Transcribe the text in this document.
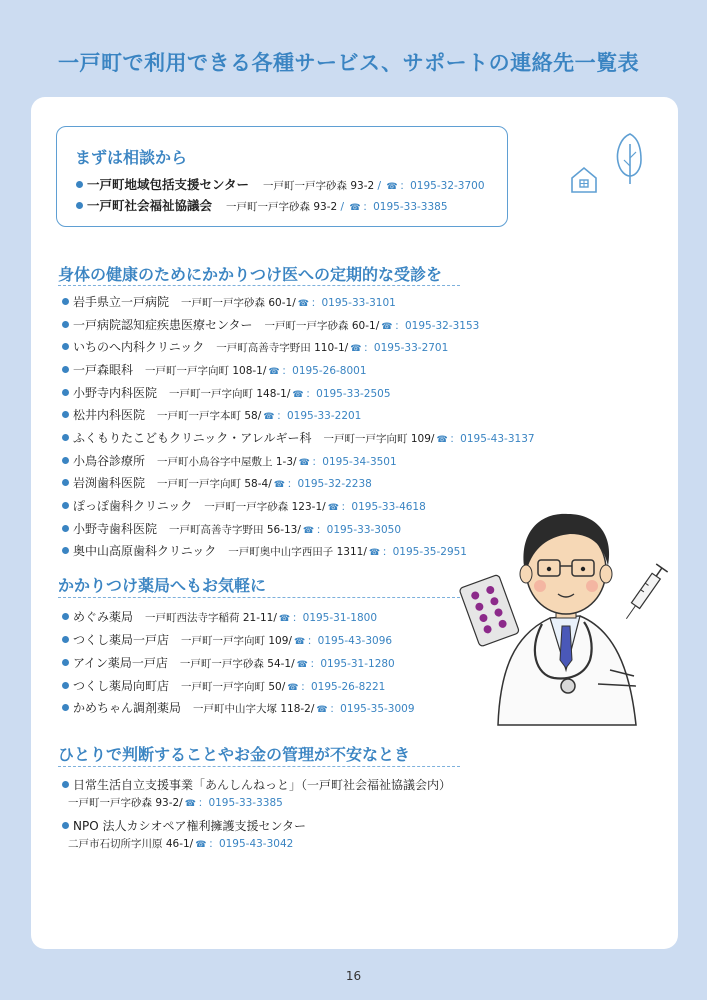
一戸町で利用できる各種サービス、サポートの連絡先一覧表
まずは相談から
一戸町地域包括支援センター 一戸町一戸字砂森 93-2 / ☎ ：0195-32-3700
一戸町社会福祉協議会 一戸町一戸字砂森 93-2 / ☎ ：0195-33-3385
身体の健康のためにかかりつけ医への定期的な受診を
岩手県立一戸病院 一戸町一戸字砂森 60-1 / ☎ ：0195-33-3101
一戸病院認知症疾患医療センター 一戸町一戸字砂森 60-1 / ☎ ：0195-32-3153
いちのへ内科クリニック 一戸町高善寺字野田 110-1 / ☎ ：0195-33-2701
一戸森眼科 一戸町一戸字向町 108-1 / ☎ ：0195-26-8001
小野寺内科医院 一戸町一戸字向町 148-1 / ☎ ：0195-33-2505
松井内科医院 一戸町一戸字本町 58 / ☎ ：0195-33-2201
ふくもりたこどもクリニック・アレルギー科 一戸町一戸字向町 109 / ☎ ：0195-43-3137
小鳥谷診療所 一戸町小鳥谷字中屋敷上 1-3 / ☎ ：0195-34-3501
岩渕歯科医院 一戸町一戸字向町 58-4 / ☎ ：0195-32-2238
ぽっぽ歯科クリニック 一戸町一戸字砂森 123-1 / ☎ ：0195-33-4618
小野寺歯科医院 一戸町高善寺字野田 56-13 / ☎ ：0195-33-3050
奥中山高原歯科クリニック 一戸町奥中山字西田子 1311 / ☎ ：0195-35-2951
かかりつけ薬局へもお気軽に
めぐみ薬局 一戸町西法寺字稲荷 21-11 / ☎ ：0195-31-1800
つくし薬局一戸店 一戸町一戸字向町 109 / ☎ ：0195-43-3096
アイン薬局一戸店 一戸町一戸字砂森 54-1 / ☎ ：0195-31-1280
つくし薬局向町店 一戸町一戸字向町 50 / ☎ ：0195-26-8221
かめちゃん調剤薬局 一戸町中山字大塚 118-2 / ☎ ：0195-35-3009
ひとりで判断することやお金の管理が不安なとき
日常生活自立支援事業「あんしんねっと」（一戸町社会福祉協議会内）
一戸町一戸字砂森 93-2/ ☎ ：0195-33-3385
NPO 法人カシオペア権利擁護支援センター
二戸市石切所字川原 46-1/ ☎ ：0195-43-3042
16
